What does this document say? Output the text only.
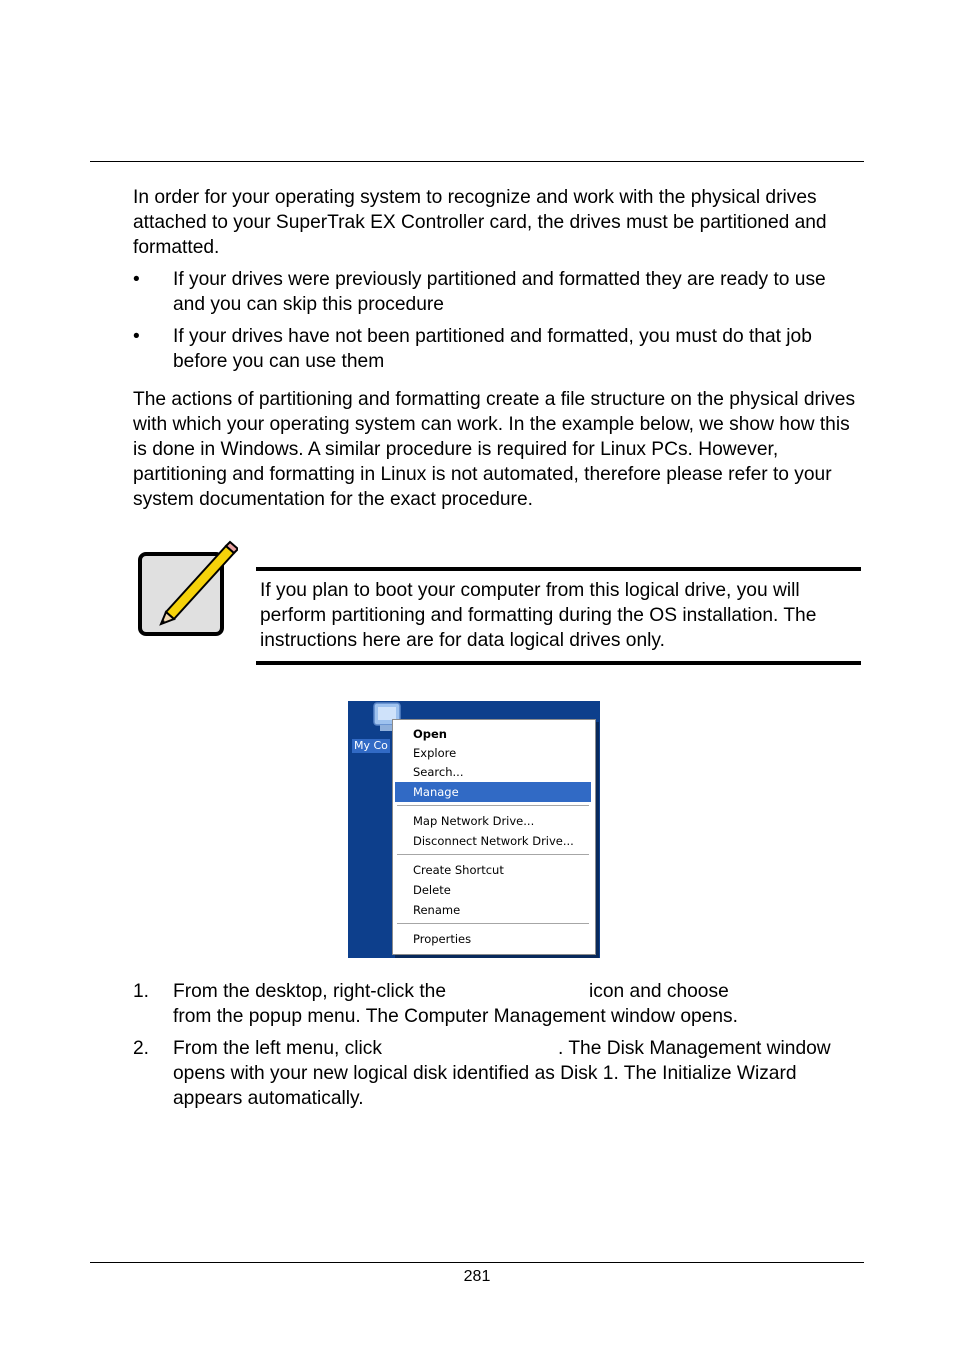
In order for your operating system to recognize and work with the physical drives attached to your SuperTrak EX Controller card, the drives must be partitioned and formatted.

•	If your drives were previously partitioned and formatted they are ready to use and you can skip this procedure
•	If your drives have not been partitioned and formatted, you must do that job before you can use them

The actions of partitioning and formatting create a file structure on the physical drives with which your operating system can work. In the example below, we show how this is done in Windows. A similar procedure is required for Linux PCs. However, partitioning and formatting in Linux is not automated, therefore please refer to your system documentation for the exact procedure.

If you plan to boot your computer from this logical drive, you will perform partitioning and formatting during the OS installation. The instructions here are for data logical drives only.

My Co
Open
Explore
Search...
Manage
Map Network Drive...
Disconnect Network Drive...
Create Shortcut
Delete
Rename
Properties
1. From the desktop, right-click the	icon and choose
from the popup menu. The Computer Management window opens.
2. From the left menu, click	. The Disk Management window opens with your new logical disk identified as Disk 1. The Initialize Wizard appears automatically.
281
